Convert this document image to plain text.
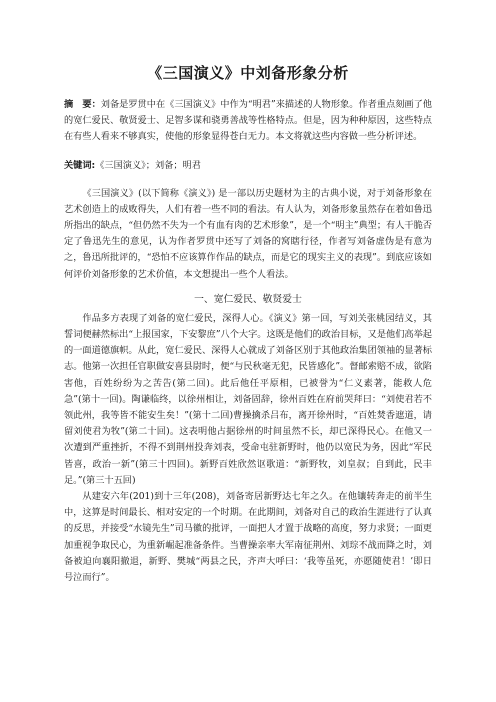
《三国演义》中刘备形象分析

摘　要：刘备是罗贯中在《三国演义》中作为“明君”来描述的人物形象。作者重点刻画了他的宽仁爱民、敬贤爱士、足智多谋和骁勇善战等性格特点。但是，因为种种原因，这些特点在有些人看来不够真实，使他的形象显得苍白无力。本文将就这些内容做一些分析评述。

关键词:《三国演义》；刘备；明君

《三国演义》(以下简称《演义》) 是一部以历史题材为主的古典小说，对于刘备形象在艺术创造上的成败得失，人们有着一些不同的看法。有人认为，刘备形象虽然存在着如鲁迅所指出的缺点，“但仍然不失为一个有血有肉的艺术形象”，是一个“明主”典型；有人干脆否定了鲁迅先生的意见，认为作者罗贯中还写了刘备的窝瞎行径，作者写刘备虚伪是有意为之，鲁迅所批评的，“恐怕不应该算作作品的缺点，而是它的现实主义的表现”。到底应该如何评价刘备形象的艺术价值，本文想提出一些个人看法。

一、宽仁爱民、敬贤爱士

作品多方表现了刘备的宽仁爱民，深得人心。《演义》第一回，写刘关张桃园结义，其誓词便赫然标出“上报国家，下安黎庶”八个大字。这既是他们的政治目标，又是他们高举起的一面道德旗帜。从此，宽仁爱民、深得人心就成了刘备区别于其他政治集团领袖的显著标志。他第一次担任官职做安喜县尉时，便“与民秋毫无犯，民皆感化”。督邮索赔不成，欲陷害他，百姓纷纷为之苦告(第二回)。此后他任平原相，已被誉为“仁义素著，能救人危急”(第十一回)。陶谦临终，以徐州相让，刘备固辞，徐州百姓在府前哭拜曰：“刘使君若不领此州，我等皆不能安生矣！”(第十二回)曹操擒杀吕布，离开徐州时，“百姓焚香遮道，请留刘使君为牧”(第二十回)。这表明他占据徐州的时间虽然不长，却已深得民心。在他又一次遭到严重挫折，不得不到荆州投奔刘表，受命屯驻新野时，他仍以宽民为务，因此“军民皆喜，政治一新”(第三十四回)。新野百姓欣然讴歌道：“新野牧，刘皇叔；自到此，民丰足。”(第三十五回)

从建安六年(201)到十三年(208)，刘备寄居新野达七年之久。在他镶转奔走的前半生中，这算是时间最长、相对安定的一个时期。在此期间，刘备对自己的政治生涯进行了认真的反思，并接受“水镜先生”司马徽的批评，一面把人才置于战略的高度，努力求贤；一面更加重视争取民心，为重新崛起准备条件。当曹操亲率大军南征荆州、刘琮不战而降之时，刘备被迫向襄阳撤退，新野、樊城“两县之民，齐声大呼曰：‘我等虽死，亦愿随使君！’即日号泣而行”。
